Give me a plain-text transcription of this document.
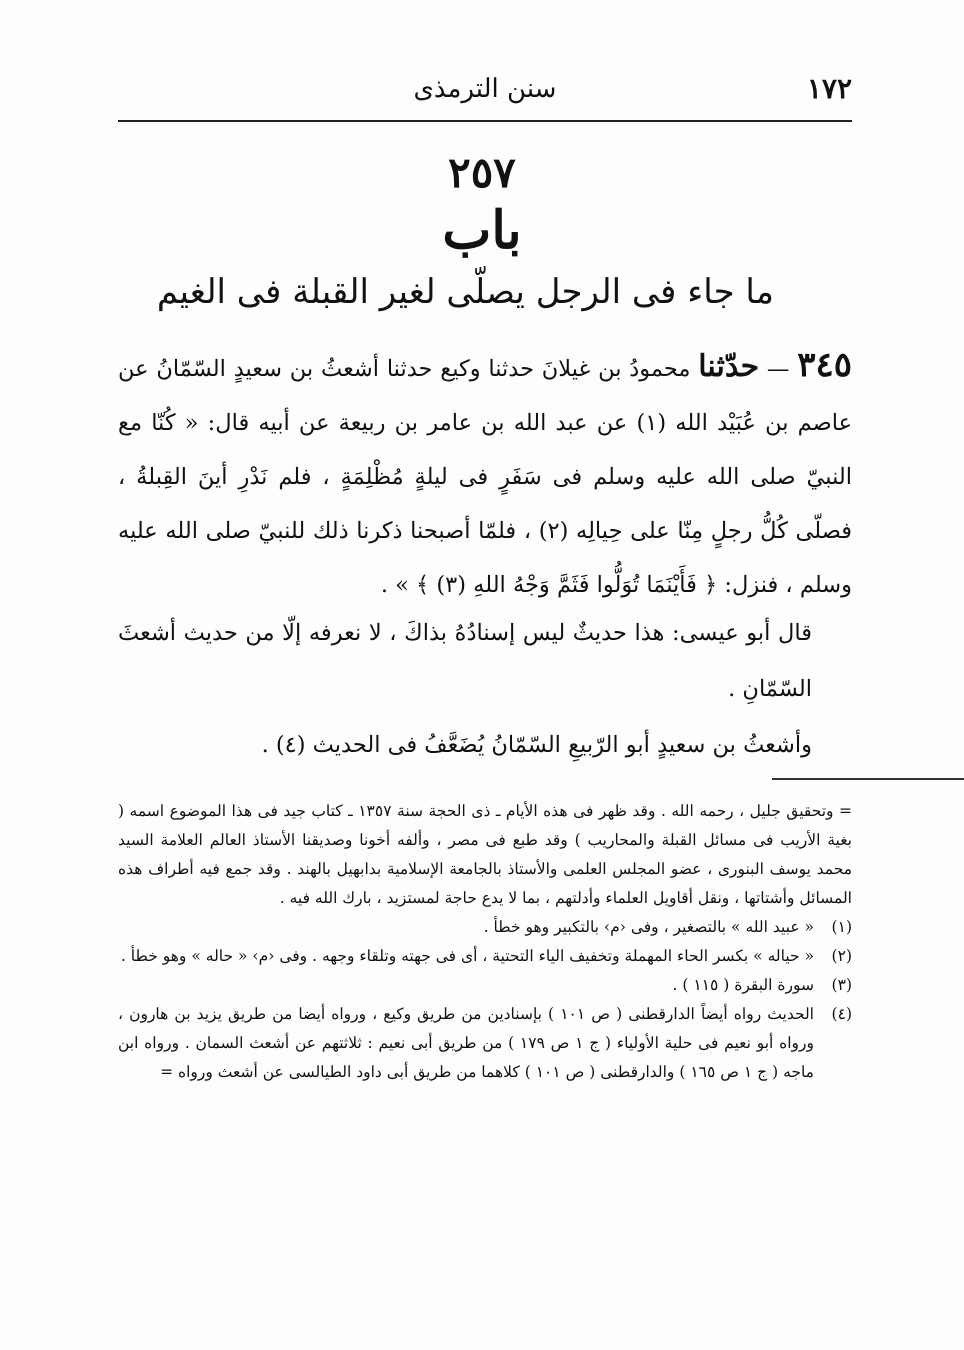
١٧٢
سنن الترمذى
٢٥٧
باب
ما جاء فى الرجل يصلّى لغير القبلة فى الغيم

٣٤٥ — حدّثنا محمودُ بن غيلانَ حدثنا وكيع حدثنا أشعثُ بن سعيدٍ السّمّانُ عن عاصم بن عُبَيْد الله (١) عن عبد الله بن عامر بن ربيعة عن أبيه قال: « كُنّا مع النبيّ صلى الله عليه وسلم فى سَفَرٍ فى ليلةٍ مُظْلِمَةٍ ، فلم نَدْرِ أينَ القِبلةُ ، فصلّى كُلُّ رجلٍ مِنّا على حِيالِه (٢) ، فلمّا أصبحنا ذكرنا ذلك للنبيّ صلى الله عليه وسلم ، فنزل: ﴿ فَأَيْنَمَا تُوَلُّوا فَثَمَّ وَجْهُ اللهِ (٣) ﴾ » .

قال أبو عيسى: هذا حديثٌ ليس إسنادُهُ بذاكَ ، لا نعرفه إلّا من حديث أشعثَ السّمّانِ .

وأشعثُ بن سعيدٍ أبو الرّبيعِ السّمّانُ يُضَعَّفُ فى الحديث (٤) .

= وتحقيق جليل ، رحمه الله . وقد ظهر فى هذه الأيام ـ ذى الحجة سنة ١٣٥٧ ـ كتاب جيد فى هذا الموضوع اسمه ( بغية الأريب فى مسائل القبلة والمحاريب ) وقد طبع فى مصر ، وألفه أخونا وصديقنا الأستاذ العالم العلامة السيد محمد يوسف البنورى ، عضو المجلس العلمى والأستاذ بالجامعة الإسلامية بدابهيل بالهند . وقد جمع فيه أطراف هذه المسائل وأشتاتها ، ونقل أقاويل العلماء وأدلتهم ، بما لا يدع حاجة لمستزيد ، بارك الله فيه .

(١)
« عبيد الله » بالتصغير ، وفى ‹م› بالتكبير وهو خطأ .
(٢)
« حياله » بكسر الحاء المهملة وتخفيف الياء التحتية ، أى فى جهته وتلقاء وجهه . وفى ‹م› « حاله » وهو خطأ .
(٣)
سورة البقرة ( ١١٥ ) .
(٤)
الحديث رواه أيضاً الدارقطنى ( ص ١٠١ ) بإسنادين من طريق وكيع ، ورواه أيضا من طريق يزيد بن هارون ، ورواه أبو نعيم فى حلية الأولياء ( ج ١ ص ١٧٩ ) من طريق أبى نعيم : ثلاثتهم عن أشعث السمان . ورواه ابن ماجه ( ج ١ ص ١٦٥ ) والدارقطنى ( ص ١٠١ ) كلاهما من طريق أبى داود الطيالسى عن أشعث ورواه =
